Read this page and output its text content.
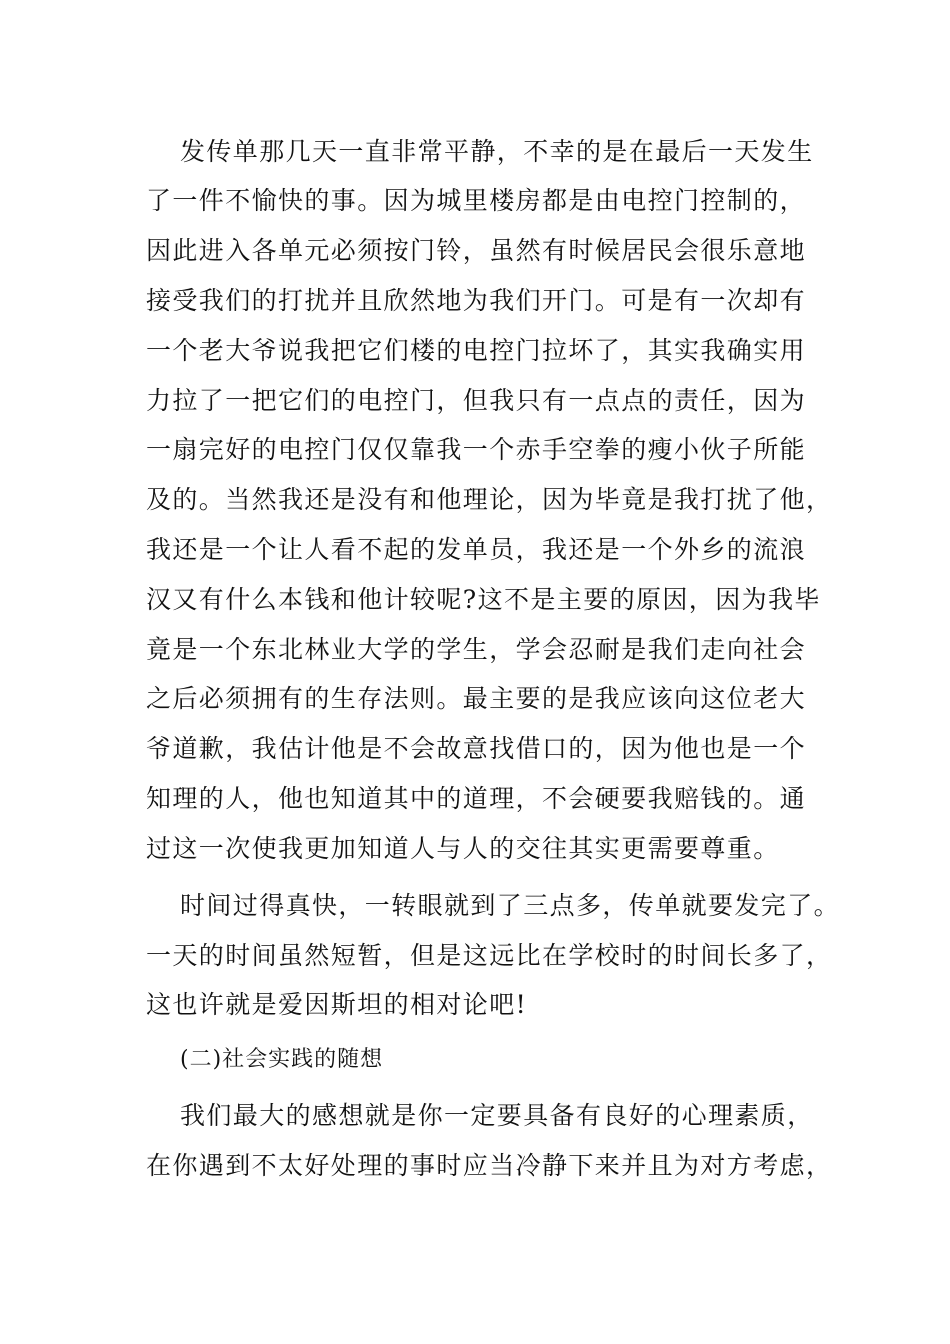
发传单那几天一直非常平静，不幸的是在最后一天发生
了一件不愉快的事。因为城里楼房都是由电控门控制的，
因此进入各单元必须按门铃，虽然有时候居民会很乐意地
接受我们的打扰并且欣然地为我们开门。可是有一次却有
一个老大爷说我把它们楼的电控门拉坏了，其实我确实用
力拉了一把它们的电控门，但我只有一点点的责任，因为
一扇完好的电控门仅仅靠我一个赤手空拳的瘦小伙子所能
及的。当然我还是没有和他理论，因为毕竟是我打扰了他，
我还是一个让人看不起的发单员，我还是一个外乡的流浪
汉又有什么本钱和他计较呢?这不是主要的原因，因为我毕
竟是一个东北林业大学的学生，学会忍耐是我们走向社会
之后必须拥有的生存法则。最主要的是我应该向这位老大
爷道歉，我估计他是不会故意找借口的，因为他也是一个
知理的人，他也知道其中的道理，不会硬要我赔钱的。通
过这一次使我更加知道人与人的交往其实更需要尊重。
时间过得真快，一转眼就到了三点多，传单就要发完了。
一天的时间虽然短暂，但是这远比在学校时的时间长多了，
这也许就是爱因斯坦的相对论吧!
(二)社会实践的随想
我们最大的感想就是你一定要具备有良好的心理素质，
在你遇到不太好处理的事时应当冷静下来并且为对方考虑，
